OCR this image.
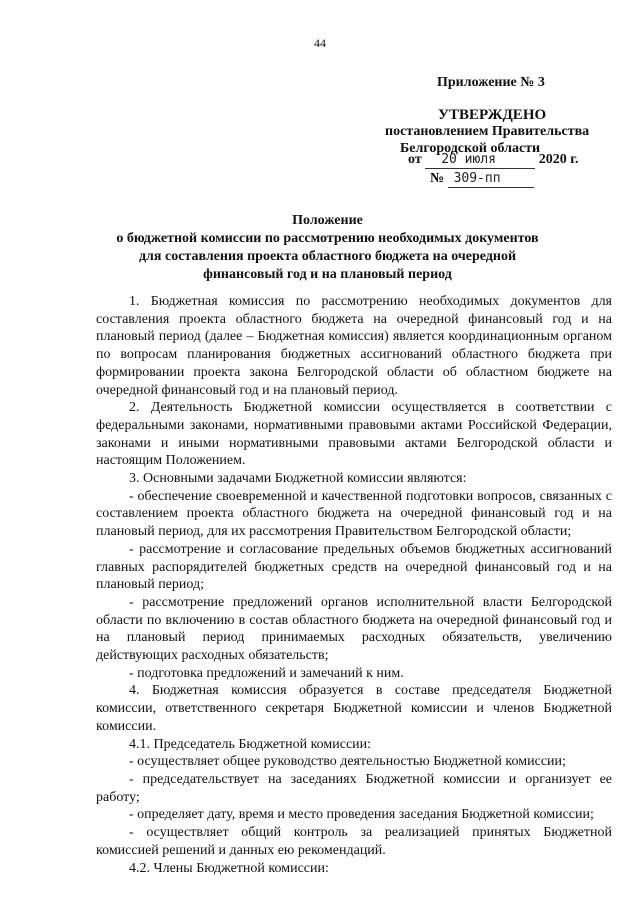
44
Приложение № 3
УТВЕРЖДЕНО
постановлением Правительства
Белгородской области
от 20 июля	2020 г.
№ 309-пп
Положение
о бюджетной комиссии по рассмотрению необходимых документов
для составления проекта областного бюджета на очередной
финансовый год и на плановый период

1. Бюджетная комиссия по рассмотрению необходимых документов для составления проекта областного бюджета на очередной финансовый год и на плановый период (далее – Бюджетная комиссия) является координационным органом по вопросам планирования бюджетных ассигнований областного бюджета при формировании проекта закона Белгородской области об областном бюджете на очередной финансовый год и на плановый период.

2. Деятельность Бюджетной комиссии осуществляется в соответствии с федеральными законами, нормативными правовыми актами Российской Федерации, законами и иными нормативными правовыми актами Белгородской области и настоящим Положением.

3. Основными задачами Бюджетной комиссии являются:

- обеспечение своевременной и качественной подготовки вопросов, связанных с составлением проекта областного бюджета на очередной финансовый год и на плановый период, для их рассмотрения Правительством Белгородской области;

- рассмотрение и согласование предельных объемов бюджетных ассигнований главных распорядителей бюджетных средств на очередной финансовый год и на плановый период;

- рассмотрение предложений органов исполнительной власти Белгородской области по включению в состав областного бюджета на очередной финансовый год и на плановый период принимаемых расходных обязательств, увеличению действующих расходных обязательств;

- подготовка предложений и замечаний к ним.

4. Бюджетная комиссия образуется в составе председателя Бюджетной комиссии, ответственного секретаря Бюджетной комиссии и членов Бюджетной комиссии.

4.1. Председатель Бюджетной комиссии:

- осуществляет общее руководство деятельностью Бюджетной комиссии;

- председательствует на заседаниях Бюджетной комиссии и организует ее работу;

- определяет дату, время и место проведения заседания Бюджетной комиссии;

- осуществляет общий контроль за реализацией принятых Бюджетной комиссией решений и данных ею рекомендаций.

4.2. Члены Бюджетной комиссии:
